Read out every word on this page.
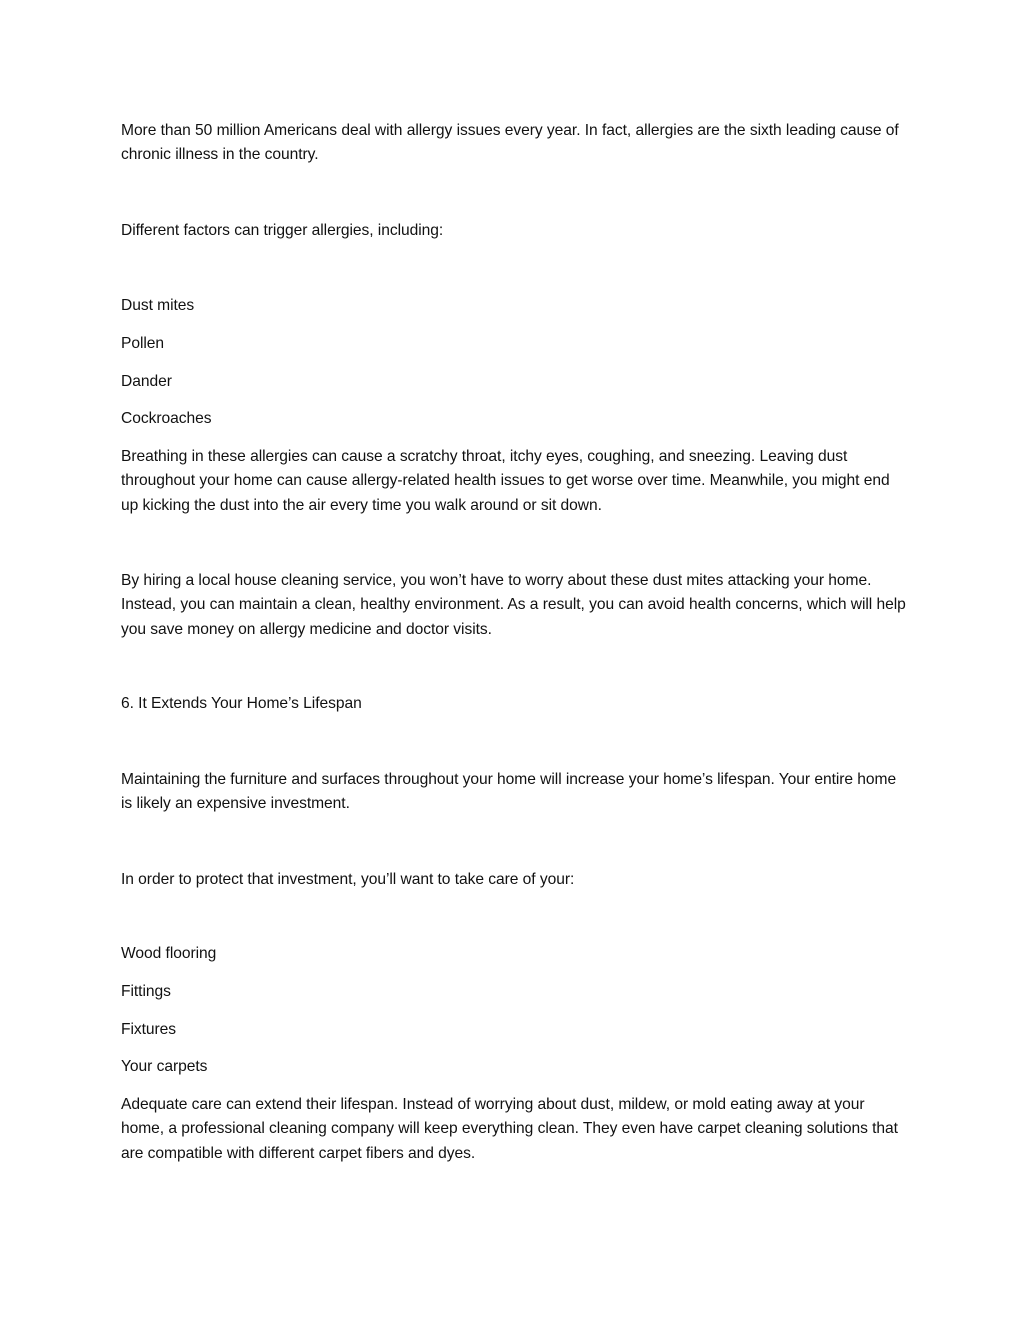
More than 50 million Americans deal with allergy issues every year. In fact, allergies are the sixth leading cause of chronic illness in the country.

Different factors can trigger allergies, including:

Dust mites

Pollen

Dander

Cockroaches

Breathing in these allergies can cause a scratchy throat, itchy eyes, coughing, and sneezing. Leaving dust throughout your home can cause allergy-related health issues to get worse over time. Meanwhile, you might end up kicking the dust into the air every time you walk around or sit down.

By hiring a local house cleaning service, you won’t have to worry about these dust mites attacking your home. Instead, you can maintain a clean, healthy environment. As a result, you can avoid health concerns, which will help you save money on allergy medicine and doctor visits.

6. It Extends Your Home’s Lifespan

Maintaining the furniture and surfaces throughout your home will increase your home’s lifespan. Your entire home is likely an expensive investment.

In order to protect that investment, you’ll want to take care of your:

Wood flooring

Fittings

Fixtures

Your carpets

Adequate care can extend their lifespan. Instead of worrying about dust, mildew, or mold eating away at your home, a professional cleaning company will keep everything clean. They even have carpet cleaning solutions that are compatible with different carpet fibers and dyes.
